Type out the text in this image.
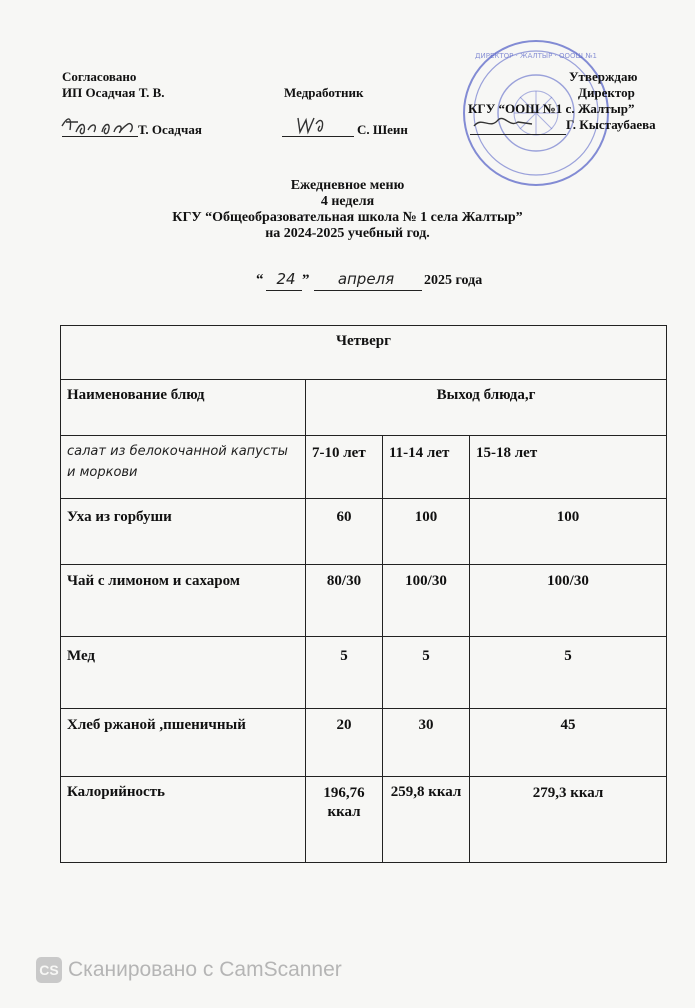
Согласовано
ИП Осадчая Т. В.
Т. Осадчая
Медработник
С. Шеин
ДИРЕКТОР · ЖАЛТЫР · ОООШ №1
Утверждаю
Директор
КГУ “ООШ №1 с. Жалтыр”
Г. Кыстаубаева
Ежедневное меню
4 неделя
КГУ “Общеобразовательная школа № 1 села Жалтыр”
на 2024-2025 учебный год.
“ 24 ”	апреля	2025 года
Четверг			
Наименование блюд	Выход блюда,г		
салат из белокочанной капусты и моркови	7-10 лет	11-14 лет	15-18 лет
Уха из горбуши	60	100	100
Чай с лимоном и сахаром	80/30	100/30	100/30
Мед	5	5	5
Хлеб ржаной ,пшеничный	20	30	45
Калорийность	196,76 ккал	259,8 ккал	279,3 ккал
CS Сканировано с CamScanner
